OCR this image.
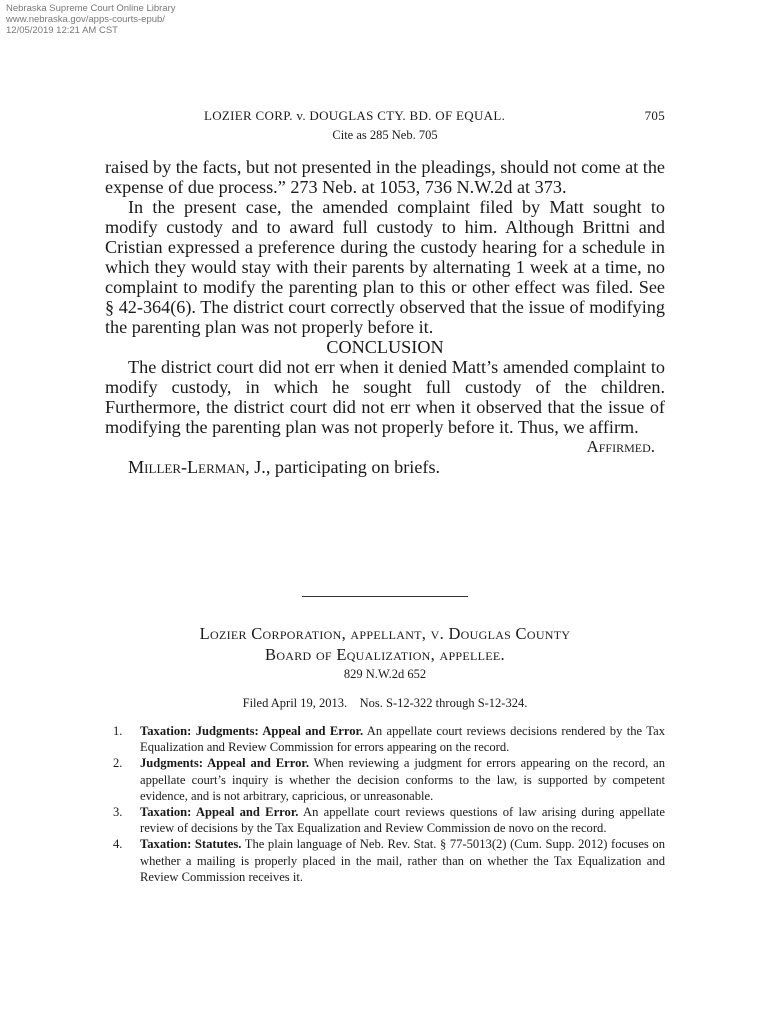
Nebraska Supreme Court Online Library
www.nebraska.gov/apps-courts-epub/
12/05/2019 12:21 AM CST
LOZIER CORP. v. DOUGLAS CTY. BD. OF EQUAL.	705
Cite as 285 Neb. 705

raised by the facts, but not presented in the pleadings, should not come at the expense of due process.” 273 Neb. at 1053, 736 N.W.2d at 373.

In the present case, the amended complaint filed by Matt sought to modify custody and to award full custody to him. Although Brittni and Cristian expressed a preference during the custody hearing for a schedule in which they would stay with their parents by alternating 1 week at a time, no complaint to modify the parenting plan to this or other effect was filed. See § 42-364(6). The district court correctly observed that the issue of modifying the parenting plan was not properly before it.

CONCLUSION

The district court did not err when it denied Matt’s amended complaint to modify custody, in which he sought full custody of the children. Furthermore, the district court did not err when it observed that the issue of modifying the parenting plan was not properly before it. Thus, we affirm.

Affirmed.

Miller-Lerman, J., participating on briefs.

Lozier Corporation, appellant, v. Douglas County
Board of Equalization, appellee.
829 N.W.2d 652
Filed April 19, 2013.    Nos. S-12-322 through S-12-324.
1. Taxation: Judgments: Appeal and Error. An appellate court reviews decisions rendered by the Tax Equalization and Review Commission for errors appearing on the record.
2. Judgments: Appeal and Error. When reviewing a judgment for errors appearing on the record, an appellate court’s inquiry is whether the decision conforms to the law, is supported by competent evidence, and is not arbitrary, capricious, or unreasonable.
3. Taxation: Appeal and Error. An appellate court reviews questions of law arising during appellate review of decisions by the Tax Equalization and Review Commission de novo on the record.
4. Taxation: Statutes. The plain language of Neb. Rev. Stat. § 77-5013(2) (Cum. Supp. 2012) focuses on whether a mailing is properly placed in the mail, rather than on whether the Tax Equalization and Review Commission receives it.
